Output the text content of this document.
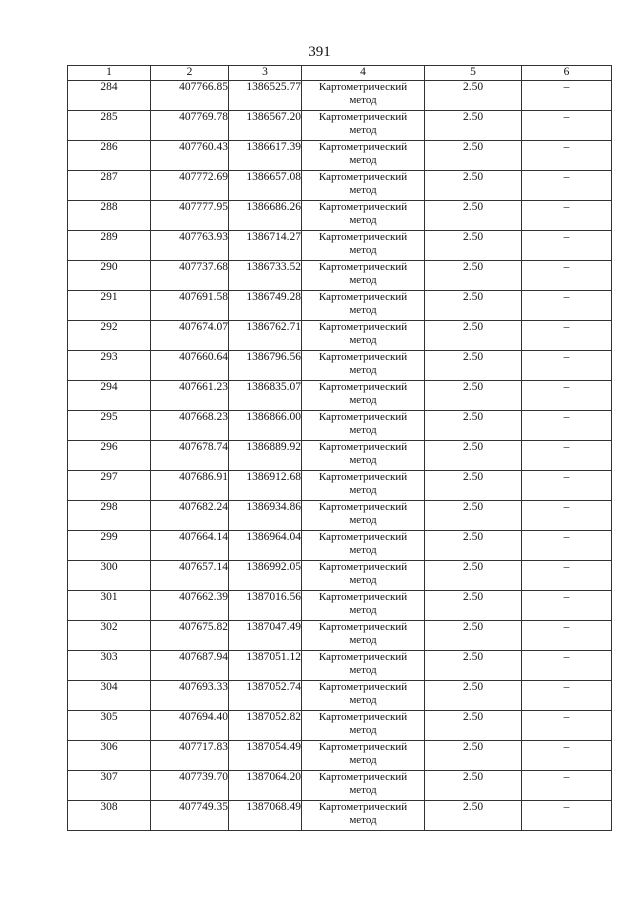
391
1	2	3	4	5	6
284	407766.85	1386525.77	Картометрический
метод	2.50	–
285	407769.78	1386567.20	Картометрический
метод	2.50	–
286	407760.43	1386617.39	Картометрический
метод	2.50	–
287	407772.69	1386657.08	Картометрический
метод	2.50	–
288	407777.95	1386686.26	Картометрический
метод	2.50	–
289	407763.93	1386714.27	Картометрический
метод	2.50	–
290	407737.68	1386733.52	Картометрический
метод	2.50	–
291	407691.58	1386749.28	Картометрический
метод	2.50	–
292	407674.07	1386762.71	Картометрический
метод	2.50	–
293	407660.64	1386796.56	Картометрический
метод	2.50	–
294	407661.23	1386835.07	Картометрический
метод	2.50	–
295	407668.23	1386866.00	Картометрический
метод	2.50	–
296	407678.74	1386889.92	Картометрический
метод	2.50	–
297	407686.91	1386912.68	Картометрический
метод	2.50	–
298	407682.24	1386934.86	Картометрический
метод	2.50	–
299	407664.14	1386964.04	Картометрический
метод	2.50	–
300	407657.14	1386992.05	Картометрический
метод	2.50	–
301	407662.39	1387016.56	Картометрический
метод	2.50	–
302	407675.82	1387047.49	Картометрический
метод	2.50	–
303	407687.94	1387051.12	Картометрический
метод	2.50	–
304	407693.33	1387052.74	Картометрический
метод	2.50	–
305	407694.40	1387052.82	Картометрический
метод	2.50	–
306	407717.83	1387054.49	Картометрический
метод	2.50	–
307	407739.70	1387064.20	Картометрический
метод	2.50	–
308	407749.35	1387068.49	Картометрический
метод	2.50	–
